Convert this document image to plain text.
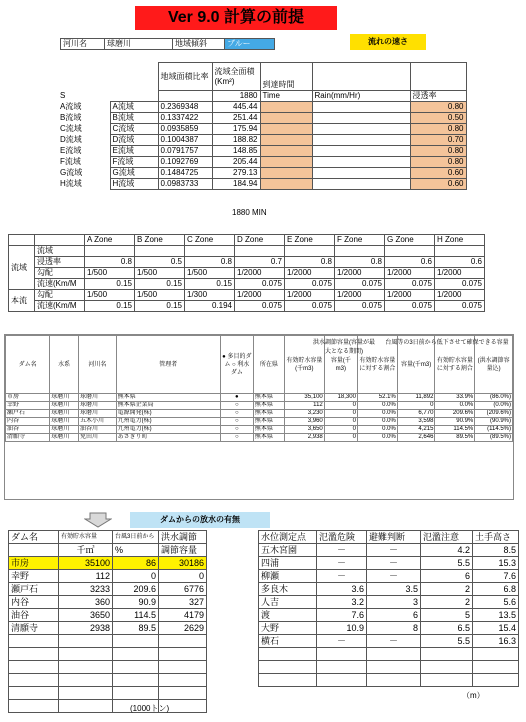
Ver 9.0 計算の前提
河川名	球磨川	地域傾斜	ブルー	流れの速さ
		地域面積比率	流域全面積(Km²)	到達時間		
S			1880	Time	Rain(mm/Hr)	浸透率
A流域	A流域	0.2369348	445.44			0.80
B流域	B流域	0.1337422	251.44			0.50
C流域	C流域	0.0935859	175.94			0.80
D流域	D流域	0.1004387	188.82			0.70
E流域	E流域	0.0791757	148.85			0.80
F流域	F流域	0.1092769	205.44			0.80
G流域	G流域	0.1484725	279.13			0.60
H流域	H流域	0.0983733	184.94			0.60
1880 MIN
		A Zone	B Zone	C Zone	D Zone	E Zone	F Zone	G Zone	H Zone
流域	流域								
	浸透率	0.8	0.5	0.8	0.7	0.8	0.8	0.6	0.6
	勾配	1/500	1/500	1/500	1/2000	1/2000	1/2000	1/2000	1/2000
	流速(Km/M	0.15	0.15	0.15	0.075	0.075	0.075	0.075	0.075
本流	勾配	1/500	1/500	1/300	1/2000	1/2000	1/2000	1/2000	1/2000
	流速(Km/M	0.15	0.15	0.194	0.075	0.075	0.075	0.075	0.075
ダム名	水系	河川名	管理者	● 多目的ダム ○ 利水ダム	所在県	有効貯水容量(千m3)	容量(千m3)	有効貯水容量に対する割合	容量(千m3)	有効貯水容量に対する割合	(洪水調節容量込)
市房	球磨川	球磨川	熊本県	●	熊本県	35,100	18,300	52.1%	11,892	33.9%	(86.0%)
幸野	球磨川	球磨川	熊本県企業局	○	熊本県	112	0	0.0%	0	0.0%	(0.0%)
瀬戸石	球磨川	球磨川	電源開発(株)	○	熊本県	3,230	0	0.0%	6,770	209.6%	(209.6%)
内谷	球磨川	五木小川	九州電力(株)	○	熊本県	3,960	0	0.0%	3,598	90.9%	(90.9%)
油谷	球磨川	油谷川	九州電力(株)	○	熊本県	3,650	0	0.0%	4,215	114.5%	(114.5%)
清願寺	球磨川	免田川	あさぎり町	○	熊本県	2,938	0	0.0%	2,646	89.5%	(89.5%)
洪水調節容量(容量が最大となる期間)
台風等の3日前から低下させて確保できる容量
ダムからの放水の有無
ダム名	有効貯水容量	台風3日前から	洪水調節
	千㎥	%	調節容量
市房	35100	86	30186
幸野	112	0	0
瀬戸石	3233	209.6	6776
内谷	360	90.9	327
油谷	3650	114.5	4179
清願寺	2938	89.5	2629

(1000トン)
水位測定点	氾濫危険	避難判断	氾濫注意	土手高さ
五木宮園	－	－	4.2	8.5
四浦	－	－	5.5	15.3
柳瀬	－	－	6	7.6
多良木	3.6	3.5	2	6.8
人吉	3.2	3	2	5.6
渡	7.6	6	5	13.5
大野	10.9	8	6.5	15.4
横石	－	－	5.5	16.3

（m）
